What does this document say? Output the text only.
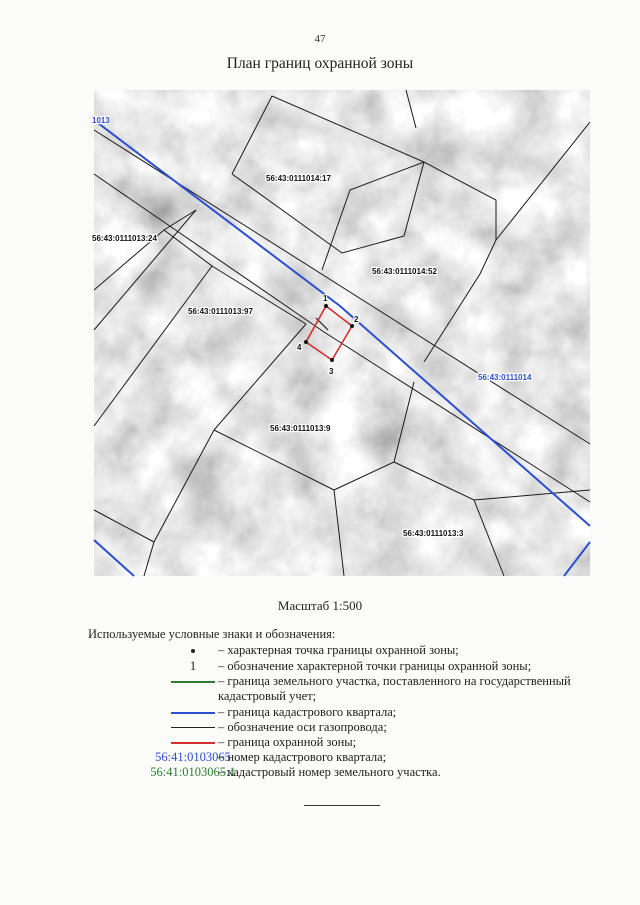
47
План границ охранной зоны
1
2
3
4
56:43:0111014:17
56:43:0111013:24
56:43:0111014:52
56:43:0111013:97
56:43:0111013:9
56:43:0111013:3
1013
56:43:0111014
Масштаб 1:500
Используемые условные знаки и обозначения:
– характерная точка границы охранной зоны;
1 – обозначение характерной точки границы охранной зоны;
– граница земельного участка, поставленного на государственный кадастровый учет;
– граница кадастрового квартала;
– обозначение оси газопровода;
– граница охранной зоны;
56:41:0103065
– номер кадастрового квартала;
56:41:0103065:1
– кадастровый номер земельного участка.
